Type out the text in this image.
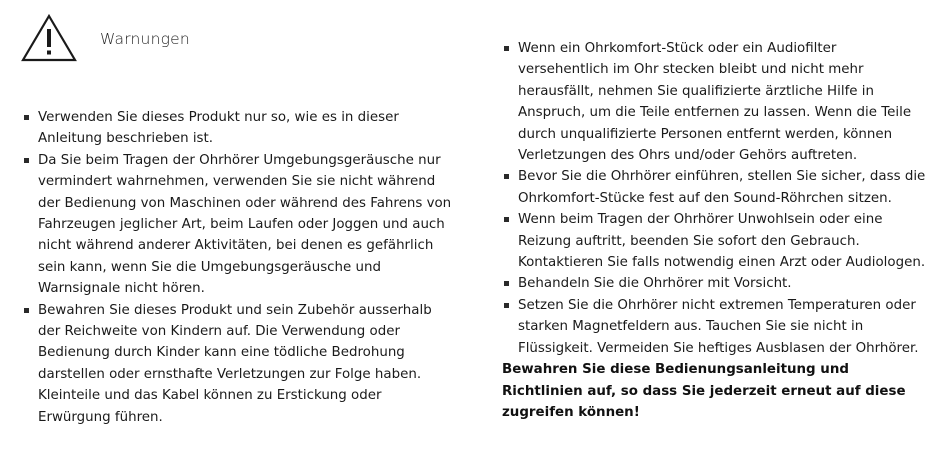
Warnungen
Verwenden Sie dieses Produkt nur so, wie es in dieser Anleitung beschrieben ist.
Da Sie beim Tragen der Ohrhörer Umgebungsgeräusche nur vermindert wahrnehmen, verwenden Sie sie nicht während der Bedienung von Maschinen oder während des Fahrens von Fahrzeugen jeglicher Art, beim Laufen oder Joggen und auch nicht während anderer Aktivitäten, bei denen es gefährlich sein kann, wenn Sie die Umgebungsgeräusche und Warnsignale nicht hören.
Bewahren Sie dieses Produkt und sein Zubehör ausserhalb der Reichweite von Kindern auf. Die Verwendung oder Bedienung durch Kinder kann eine tödliche Bedrohung darstellen oder ernsthafte Verletzungen zur Folge haben. Kleinteile und das Kabel können zu Erstickung oder Erwürgung führen.
Wenn ein Ohrkomfort-Stück oder ein Audiofilter versehentlich im Ohr stecken bleibt und nicht mehr herausfällt, nehmen Sie qualifizierte ärztliche Hilfe in Anspruch, um die Teile entfernen zu lassen. Wenn die Teile durch unqualifizierte Personen entfernt werden, können Verletzungen des Ohrs und/oder Gehörs auftreten.
Bevor Sie die Ohrhörer einführen, stellen Sie sicher, dass die Ohrkomfort-Stücke fest auf den Sound-Röhrchen sitzen.
Wenn beim Tragen der Ohrhörer Unwohlsein oder eine Reizung auftritt, beenden Sie sofort den Gebrauch. Kontaktieren Sie falls notwendig einen Arzt oder Audiologen.
Behandeln Sie die Ohrhörer mit Vorsicht.
Setzen Sie die Ohrhörer nicht extremen Temperaturen oder starken Magnetfeldern aus. Tauchen Sie sie nicht in Flüssigkeit. Vermeiden Sie heftiges Ausblasen der Ohrhörer.

Bewahren Sie diese Bedienungsanleitung und Richtlinien auf, so dass Sie jederzeit erneut auf diese zugreifen können!
